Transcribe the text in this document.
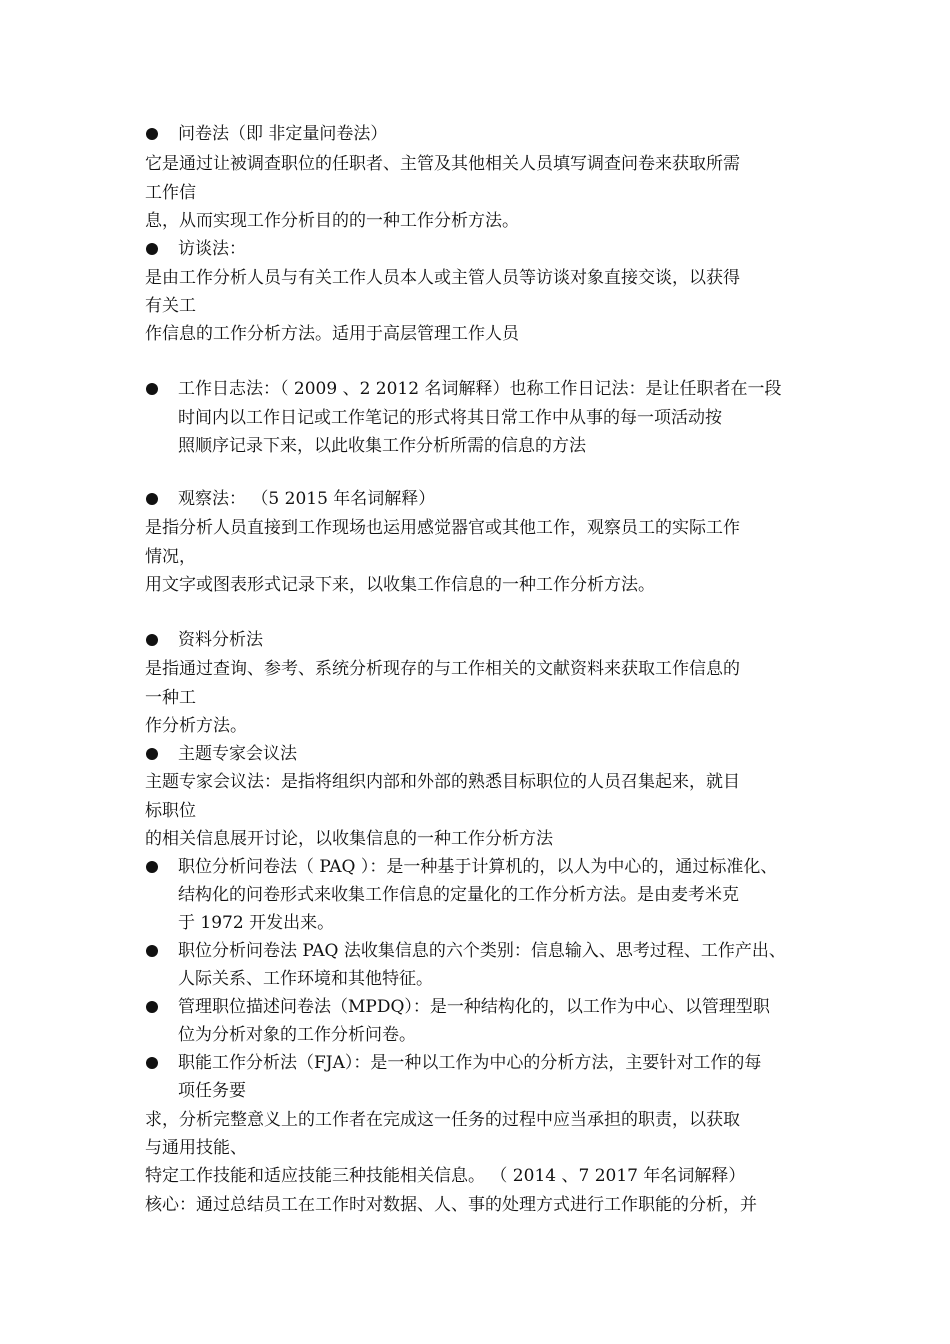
问卷法（即 非定量问卷法）
它是通过让被调查职位的任职者、主管及其他相关人员填写调查问卷来获取所需
工作信
息，从而实现工作分析目的的一种工作分析方法。
访谈法：
是由工作分析人员与有关工作人员本人或主管人员等访谈对象直接交谈，以获得
有关工
作信息的工作分析方法。适用于高层管理工作人员
工作日志法：（ 2009 、2 2012 名词解释）也称工作日记法：是让任职者在一段
时间内以工作日记或工作笔记的形式将其日常工作中从事的每一项活动按
照顺序记录下来，以此收集工作分析所需的信息的方法
观察法： （5 2015 年名词解释）
是指分析人员直接到工作现场也运用感觉器官或其他工作，观察员工的实际工作
情况，
用文字或图表形式记录下来，以收集工作信息的一种工作分析方法。
资料分析法
是指通过查询、参考、系统分析现存的与工作相关的文献资料来获取工作信息的
一种工
作分析方法。
主题专家会议法
主题专家会议法：是指将组织内部和外部的熟悉目标职位的人员召集起来，就目
标职位
的相关信息展开讨论，以收集信息的一种工作分析方法
职位分析问卷法（ PAQ ）：是一种基于计算机的，以人为中心的，通过标准化、
结构化的问卷形式来收集工作信息的定量化的工作分析方法。是由麦考米克
于 1972 开发出来。
职位分析问卷法 PAQ 法收集信息的六个类别：信息输入、思考过程、工作产出、
人际关系、工作环境和其他特征。
管理职位描述问卷法（MPDQ）：是一种结构化的，以工作为中心、以管理型职
位为分析对象的工作分析问卷。
职能工作分析法（FJA）：是一种以工作为中心的分析方法，主要针对工作的每
项任务要
求，分析完整意义上的工作者在完成这一任务的过程中应当承担的职责，以获取
与通用技能、
特定工作技能和适应技能三种技能相关信息。 （ 2014 、7 2017 年名词解释）
核心：通过总结员工在工作时对数据、人、事的处理方式进行工作职能的分析，并
